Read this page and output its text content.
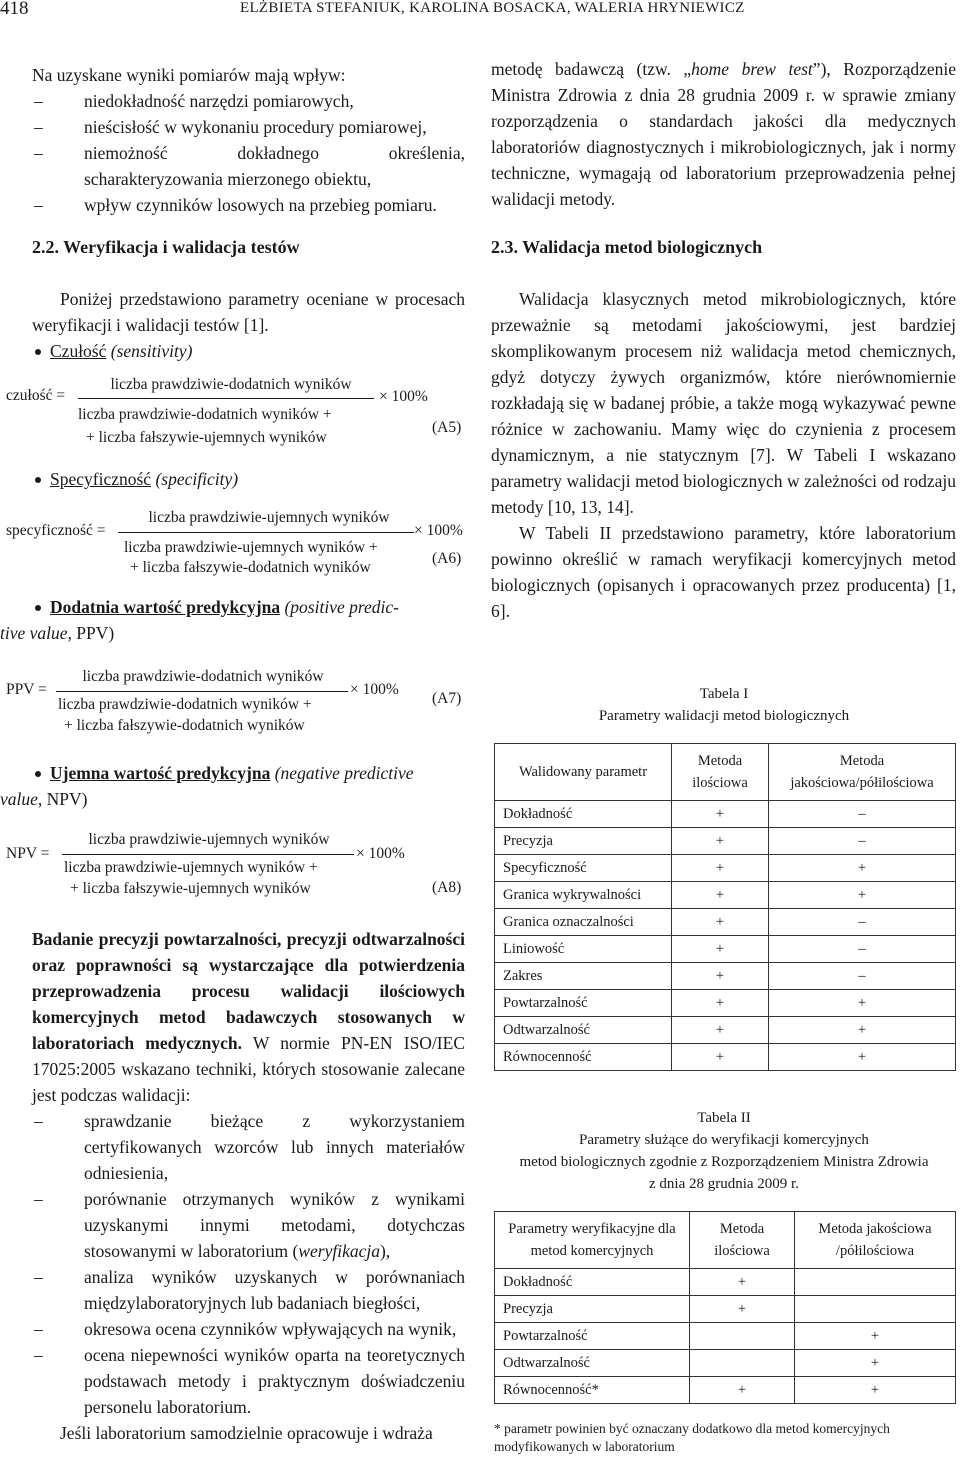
418	ELŻBIETA STEFANIUK, KAROLINA BOSACKA, WALERIA HRYNIEWICZ

Na uzyskane wyniki pomiarów mają wpływ:

– niedokładność narzędzi pomiarowych,
– nieścisłość w wykonaniu procedury pomiarowej,
– niemożność dokładnego określenia, scharakteryzowania mierzonego obiektu,
– wpływ czynników losowych na przebieg pomiaru.
2.2. Weryfikacja i walidacja testów

Poniżej przedstawiono parametry oceniane w procesach weryfikacji i walidacji testów [1].

Czułość (sensitivity)
czułość =
liczba prawdziwie-dodatnich wyników
× 100%
liczba prawdziwie-dodatnich wyników +
+ liczba fałszywie-ujemnych wyników
(A5)
Specyficzność (specificity)
specyficzność =
liczba prawdziwie-ujemnych wyników
× 100%
liczba prawdziwie-ujemnych wyników +
+ liczba fałszywie-dodatnich wyników
(A6)
Dodatnia wartość predykcyjna (positive predic-
tive value, PPV)
PPV =
liczba prawdziwie-dodatnich wyników
× 100%
liczba prawdziwie-dodatnich wyników +
+ liczba fałszywie-dodatnich wyników
(A7)
Ujemna wartość predykcyjna (negative predictive
value, NPV)
NPV =
liczba prawdziwie-ujemnych wyników
× 100%
liczba prawdziwie-ujemnych wyników +
+ liczba fałszywie-ujemnych wyników	(A8)

Badanie precyzji powtarzalności, precyzji odtwarzalności oraz poprawności są wystarczające dla potwierdzenia przeprowadzenia procesu walidacji ilościowych komercyjnych metod badawczych stosowanych w laboratoriach medycznych. W normie PN-EN ISO/IEC 17025:2005 wskazano techniki, których stosowanie zalecane jest podczas walidacji:

– sprawdzanie bieżące z wykorzystaniem certyfikowanych wzorców lub innych materiałów odniesienia,
– porównanie otrzymanych wyników z wynikami uzyskanymi innymi metodami, dotychczas stosowanymi w laboratorium (weryfikacja),
– analiza wyników uzyskanych w porównaniach międzylaboratoryjnych lub badaniach biegłości,
– okresowa ocena czynników wpływających na wynik,
– ocena niepewności wyników oparta na teoretycznych podstawach metody i praktycznym doświadczeniu personelu laboratorium.

Jeśli laboratorium samodzielnie opracowuje i wdraża

metodę badawczą (tzw. „home brew test”), Rozporządzenie Ministra Zdrowia z dnia 28 grudnia 2009 r. w sprawie zmiany rozporządzenia o standardach jakości dla medycznych laboratoriów diagnostycznych i mikrobiologicznych, jak i normy techniczne, wymagają od laboratorium przeprowadzenia pełnej walidacji metody.

2.3. Walidacja metod biologicznych

Walidacja klasycznych metod mikrobiologicznych, które przeważnie są metodami jakościowymi, jest bardziej skomplikowanym procesem niż walidacja metod chemicznych, gdyż dotyczy żywych organizmów, które nierównomiernie rozkładają się w badanej próbie, a także mogą wykazywać pewne różnice w zachowaniu. Mamy więc do czynienia z procesem dynamicznym, a nie statycznym [7]. W Tabeli I wskazano parametry walidacji metod biologicznych w zależności od rodzaju metody [10, 13, 14].

W Tabeli II przedstawiono parametry, które laboratorium powinno określić w ramach weryfikacji komercyjnych metod biologicznych (opisanych i opracowanych przez producenta) [1, 6].

Tabela I
Parametry walidacji metod biologicznych
Walidowany parametr	Metoda ilościowa	Metoda jakościowa/półilościowa
Dokładność	+	–
Precyzja	+	–
Specyficzność	+	+
Granica wykrywalności	+	+
Granica oznaczalności	+	–
Liniowość	+	–
Zakres	+	–
Powtarzalność	+	+
Odtwarzalność	+	+
Równocenność	+	+
Tabela II
Parametry służące do weryfikacji komercyjnych
metod biologicznych zgodnie z Rozporządzeniem Ministra Zdrowia
z dnia 28 grudnia 2009 r.
Parametry weryfikacyjne dla metod komercyjnych	Metoda ilościowa	Metoda jakościowa /półilościowa
Dokładność	+	
Precyzja	+	
Powtarzalność		+
Odtwarzalność		+
Równocenność*	+	+
* parametr powinien być oznaczany dodatkowo dla metod komercyjnych modyfikowanych w laboratorium
